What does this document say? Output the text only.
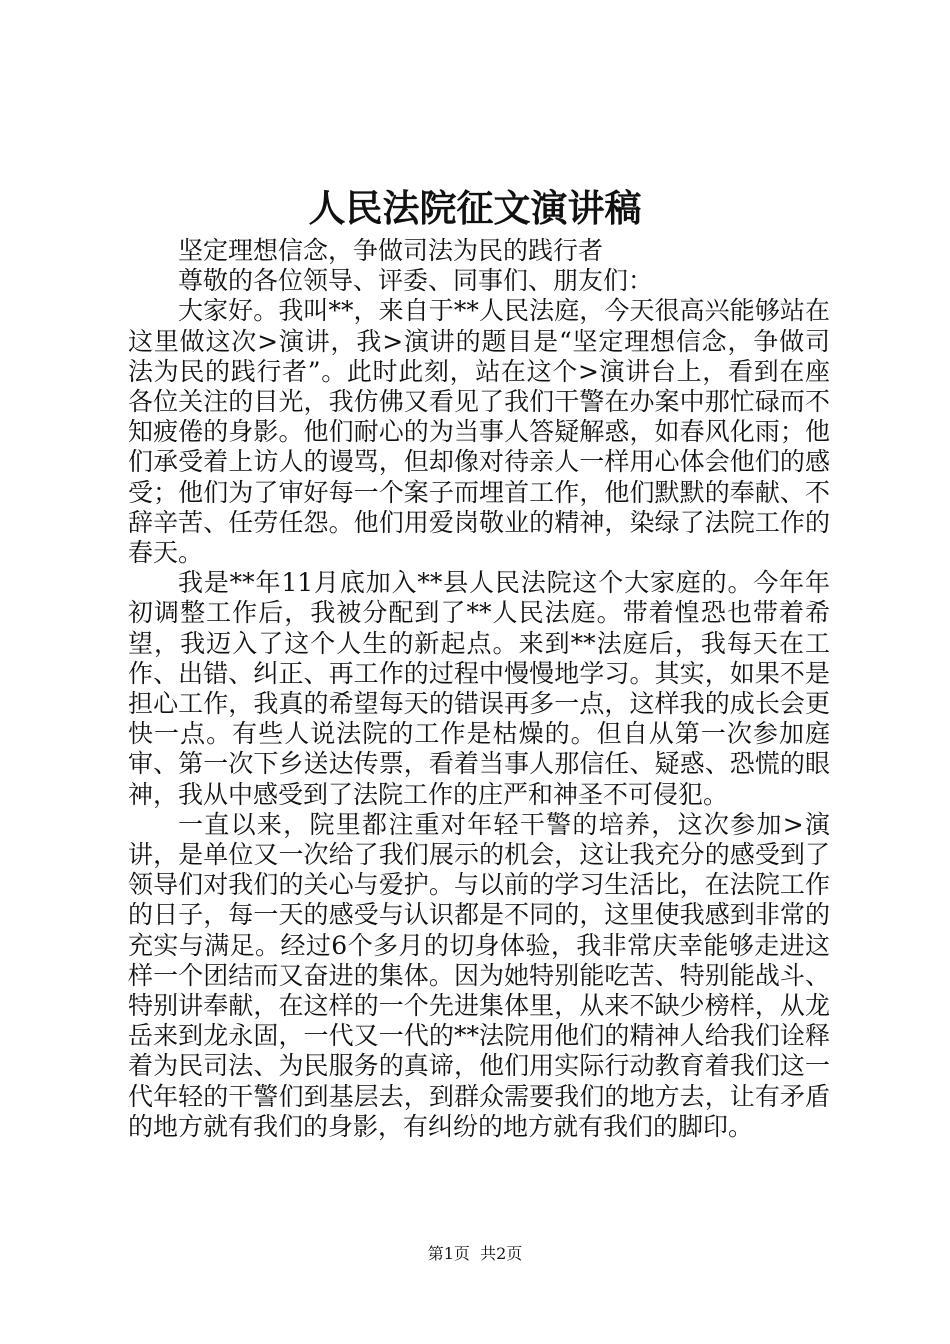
人民法院征文演讲稿

坚定理想信念，争做司法为民的践行者

尊敬的各位领导、评委、同事们、朋友们：

大家好。我叫**，来自于**人民法庭，今天很高兴能够站在这里做这次>演讲，我>演讲的题目是“坚定理想信念，争做司法为民的践行者”。此时此刻，站在这个>演讲台上，看到在座各位关注的目光，我仿佛又看见了我们干警在办案中那忙碌而不知疲倦的身影。他们耐心的为当事人答疑解惑，如春风化雨；他们承受着上访人的谩骂，但却像对待亲人一样用心体会他们的感受；他们为了审好每一个案子而埋首工作，他们默默的奉献、不辞辛苦、任劳任怨。他们用爱岗敬业的精神，染绿了法院工作的春天。

我是**年11月底加入**县人民法院这个大家庭的。今年年初调整工作后，我被分配到了**人民法庭。带着惶恐也带着希望，我迈入了这个人生的新起点。来到**法庭后，我每天在工作、出错、纠正、再工作的过程中慢慢地学习。其实，如果不是担心工作，我真的希望每天的错误再多一点，这样我的成长会更快一点。有些人说法院的工作是枯燥的。但自从第一次参加庭审、第一次下乡送达传票，看着当事人那信任、疑惑、恐慌的眼神，我从中感受到了法院工作的庄严和神圣不可侵犯。

一直以来，院里都注重对年轻干警的培养，这次参加>演讲，是单位又一次给了我们展示的机会，这让我充分的感受到了领导们对我们的关心与爱护。与以前的学习生活比，在法院工作的日子，每一天的感受与认识都是不同的，这里使我感到非常的充实与满足。经过6个多月的切身体验，我非常庆幸能够走进这样一个团结而又奋进的集体。因为她特别能吃苦、特别能战斗、特别讲奉献，在这样的一个先进集体里，从来不缺少榜样，从龙岳来到龙永固，一代又一代的**法院用他们的精神人给我们诠释着为民司法、为民服务的真谛，他们用实际行动教育着我们这一代年轻的干警们到基层去，到群众需要我们的地方去，让有矛盾的地方就有我们的身影，有纠纷的地方就有我们的脚印。

第1页 共2页
